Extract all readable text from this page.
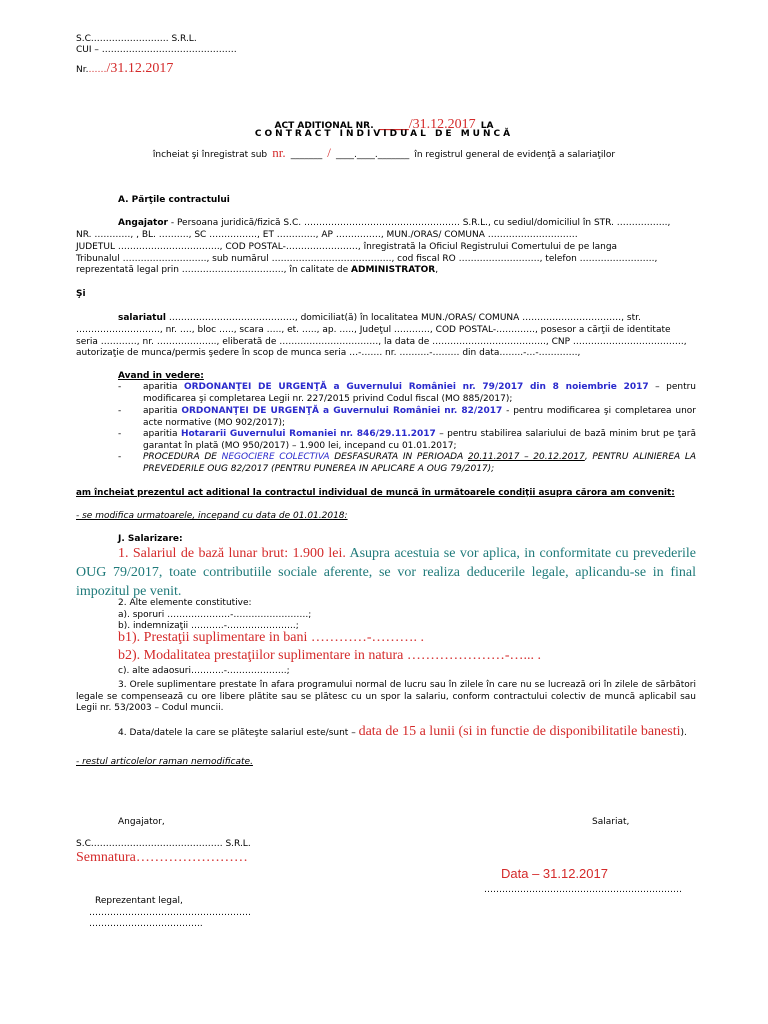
S.C.……………………. S.R.L.
CUI – ………………………………………
Nr.……/31.12.2017
ACT ADITIONAL NR. ______/31.12.2017 LA
CONTRACT INDIVIDUAL DE MUNCĂ
încheiat şi înregistrat sub nr. _______ / ____.____._______ în registrul general de evidenţă a salariaţilor
A. Părţile contractului
Angajator - Persoana juridică/fizică S.C. ……………………………………………. S.R.L., cu sediul/domiciliul în STR. ……………..,
NR. …………, , BL. ………., SC ……………., ET …………., AP ……………, MUN./ORAS/ COMUNA …………………………
JUDETUL ……………………………., COD POSTAL-……………………, înregistrată la Oficiul Registrului Comertului de pe langa
Tribunalul ………………………., sub numărul …………………………………., cod fiscal RO ………………………, telefon …………………….,
reprezentată legal prin ……………………………., în calitate de ADMINISTRATOR,
Şi
salariatul ……………………………………, domiciliat(ă) în localitatea MUN./ORAS/ COMUNA ……………………………, str.
………………………., nr. …., bloc ….., scara ….., et. ….., ap. ….., Judeţul …………, COD POSTAL-…………., posesor a cărţii de identitate
seria …………, nr. ……………….., eliberată de ……………………………, la data de ……………………………….., CNP ……………………………….,
autorizaţie de munca/permis şedere în scop de munca seria …-……. nr. ……….-……… din data……..-…-………….,
Avand in vedere:
-	aparitia ORDONANŢEI DE URGENŢĂ a Guvernului României nr. 79/2017 din 8 noiembrie 2017 – pentru modificarea şi completarea Legii nr. 227/2015 privind Codul fiscal (MO 885/2017);
-	aparitia ORDONANŢEI DE URGENŢĂ a Guvernului României nr. 82/2017 - pentru modificarea şi completarea unor acte normative (MO 902/2017);
-	aparitia Hotararii Guvernului Romaniei nr. 846/29.11.2017 – pentru stabilirea salariului de bază minim brut pe ţară garantat în plată (MO 950/2017) – 1.900 lei, incepand cu 01.01.2017;
-	PROCEDURA DE NEGOCIERE COLECTIVA DESFASURATA IN PERIOADA 20.11.2017 – 20.12.2017, PENTRU ALINIEREA LA PREVEDERILE OUG 82/2017 (PENTRU PUNEREA IN APLICARE A OUG 79/2017);
am încheiat prezentul act aditional la contractul individual de muncă în următoarele condiţii asupra cărora am convenit:
- se modifica urmatoarele, incepand cu data de 01.01.2018:
J. Salarizare:
1. Salariul de bază lunar brut: 1.900 lei. Asupra acestuia se vor aplica, in conformitate cu prevederile OUG 79/2017, toate contributiile sociale aferente, se vor realiza deducerile legale, aplicandu-se in final impozitul pe venit.
2. Alte elemente constitutive:
a). sporuri …………………-…………………….;
b). indemnizaţii ………..-…………………..;
b1). Prestaţii suplimentare in bani …………-………. .
b2). Modalitatea prestaţiilor suplimentare in natura …………………-…... .
c). alte adaosuri………..-………………..;
3. Orele suplimentare prestate în afara programului normal de lucru sau în zilele în care nu se lucrează ori în zilele de sărbători legale se compensează cu ore libere plătite sau se plătesc cu un spor la salariu, conform contractului colectiv de muncă aplicabil sau Legii nr. 53/2003 – Codul muncii.
4. Data/datele la care se plăteşte salariul este/sunt – data de 15 a lunii (si in functie de disponibilitatile banesti).
- restul articolelor raman nemodificate.
Angajator,	Salariat,
S.C.……………………………………. S.R.L.
Semnatura……………………
Data – 31.12.2017
…………………………………………………………
Reprezentant legal,
………………………………………………
………………………………..
